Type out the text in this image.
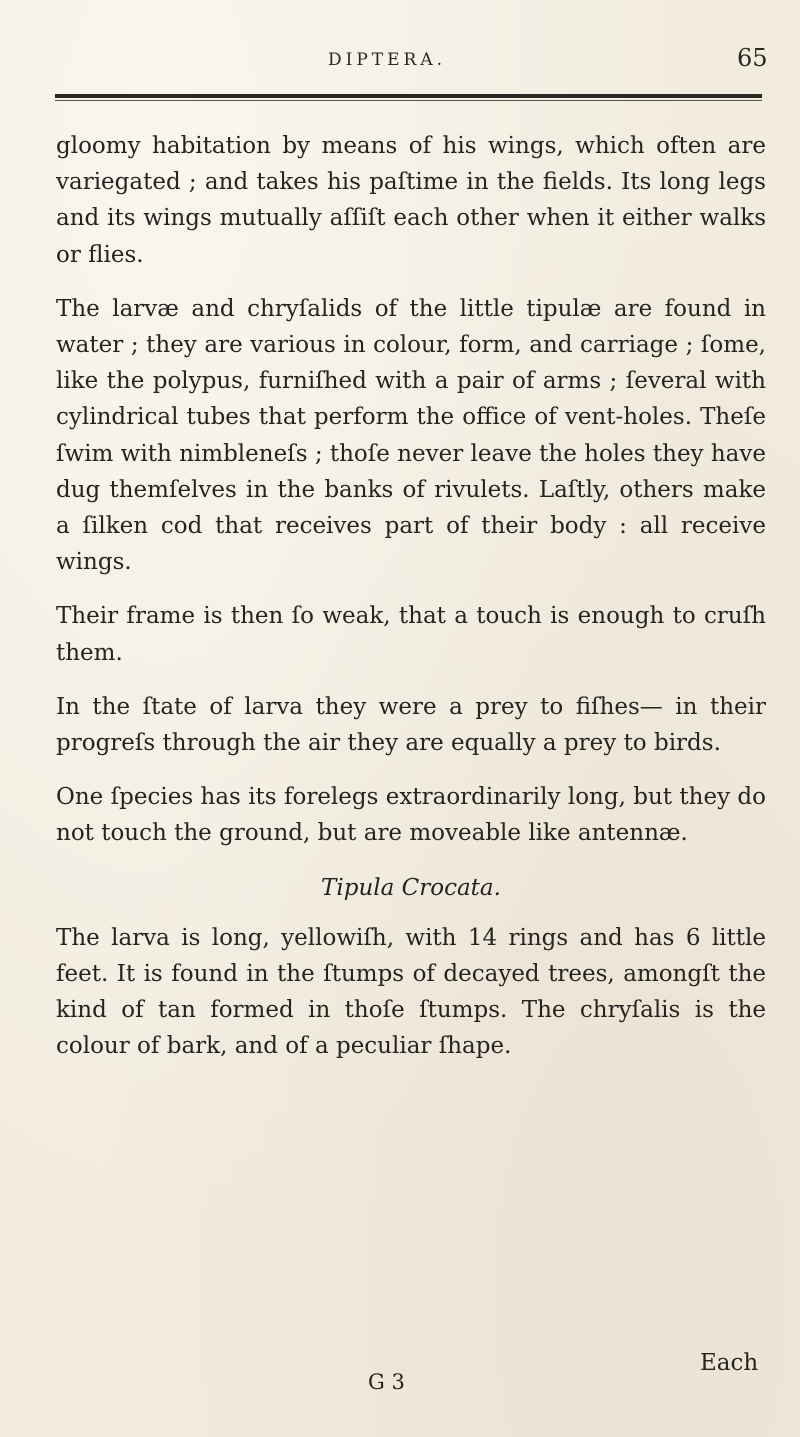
DIPTERA.	65

gloomy habitation by means of his wings, which often are variegated ; and takes his paſtime in the fields. Its long legs and its wings mutually aſſiſt each other when it either walks or flies.

The larvæ and chryſalids of the little tipulæ are found in water ; they are various in colour, form, and carriage ; ſome, like the polypus, furniſhed with a pair of arms ; ſeveral with cylindrical tubes that perform the office of vent-holes. Theſe ſwim with nimbleneſs ; thoſe never leave the holes they have dug themſelves in the banks of rivulets. Laſtly, others make a ſilken cod that receives part of their body : all receive wings.

Their frame is then ſo weak, that a touch is enough to cruſh them.

In the ſtate of larva they were a prey to fiſhes— in their progreſs through the air they are equally a prey to birds.

One ſpecies has its forelegs extraordinarily long, but they do not touch the ground, but are moveable like antennæ.

Tipula Crocata.

The larva is long, yellowiſh, with 14 rings and has 6 little feet. It is found in the ſtumps of decayed trees, amongſt the kind of tan formed in thoſe ſtumps. The chryſalis is the colour of bark, and of a peculiar ſhape.

Each
G 3
